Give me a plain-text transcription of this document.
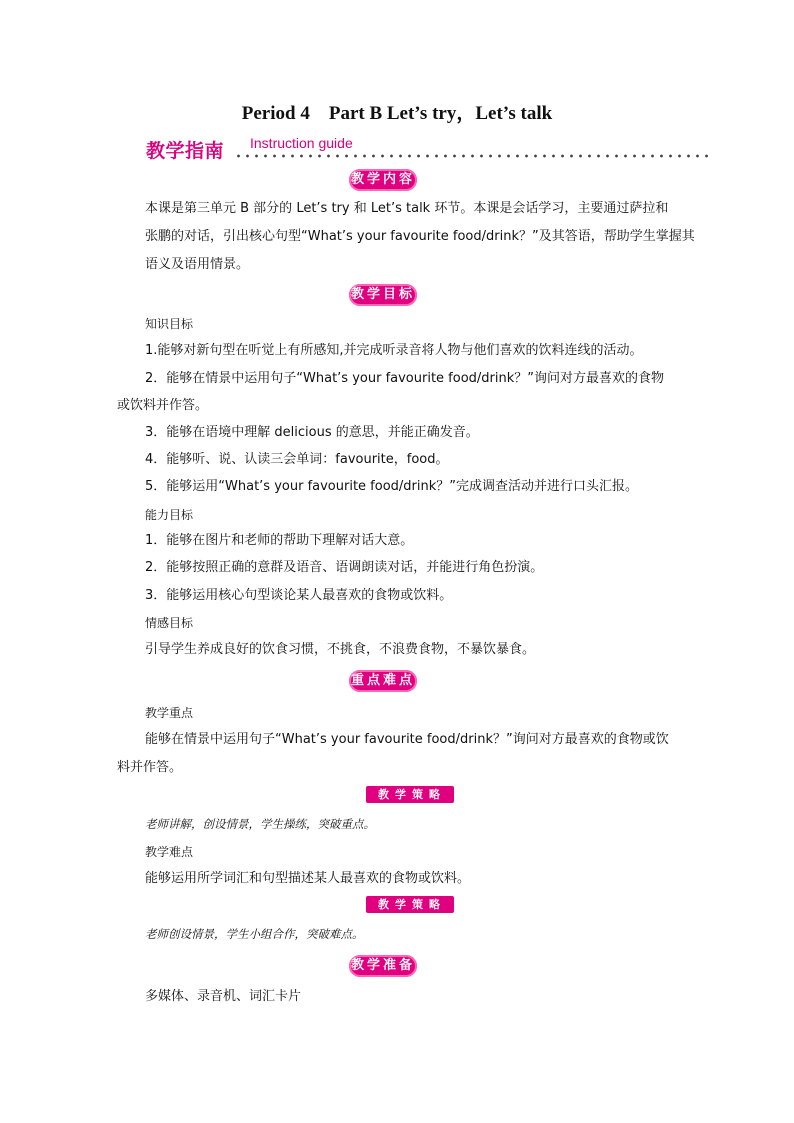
Period 4    Part B Let’s try，Let’s talk
教学指南 Instruction guide
教学内容
本课是第三单元 B 部分的 Let’s try 和 Let’s talk 环节。本课是会话学习，主要通过萨拉和
张鹏的对话，引出核心句型“What’s your favourite food/drink？”及其答语，帮助学生掌握其
语义及语用情景。
教学目标
知识目标
1.能够对新句型在听觉上有所感知,并完成听录音将人物与他们喜欢的饮料连线的活动。
2．能够在情景中运用句子“What’s your favourite food/drink？”询问对方最喜欢的食物
或饮料并作答。
3．能够在语境中理解 delicious 的意思，并能正确发音。
4．能够听、说、认读三会单词：favourite，food。
5．能够运用“What’s your favourite food/drink？”完成调查活动并进行口头汇报。
能力目标
1．能够在图片和老师的帮助下理解对话大意。
2．能够按照正确的意群及语音、语调朗读对话，并能进行角色扮演。
3．能够运用核心句型谈论某人最喜欢的食物或饮料。
情感目标
引导学生养成良好的饮食习惯，不挑食，不浪费食物，不暴饮暴食。
重点难点
教学重点
能够在情景中运用句子“What’s your favourite food/drink？”询问对方最喜欢的食物或饮
料并作答。
教学策略
老师讲解，创设情景，学生操练，突破重点。
教学难点
能够运用所学词汇和句型描述某人最喜欢的食物或饮料。
教学策略
老师创设情景，学生小组合作，突破难点。
教学准备
多媒体、录音机、词汇卡片
